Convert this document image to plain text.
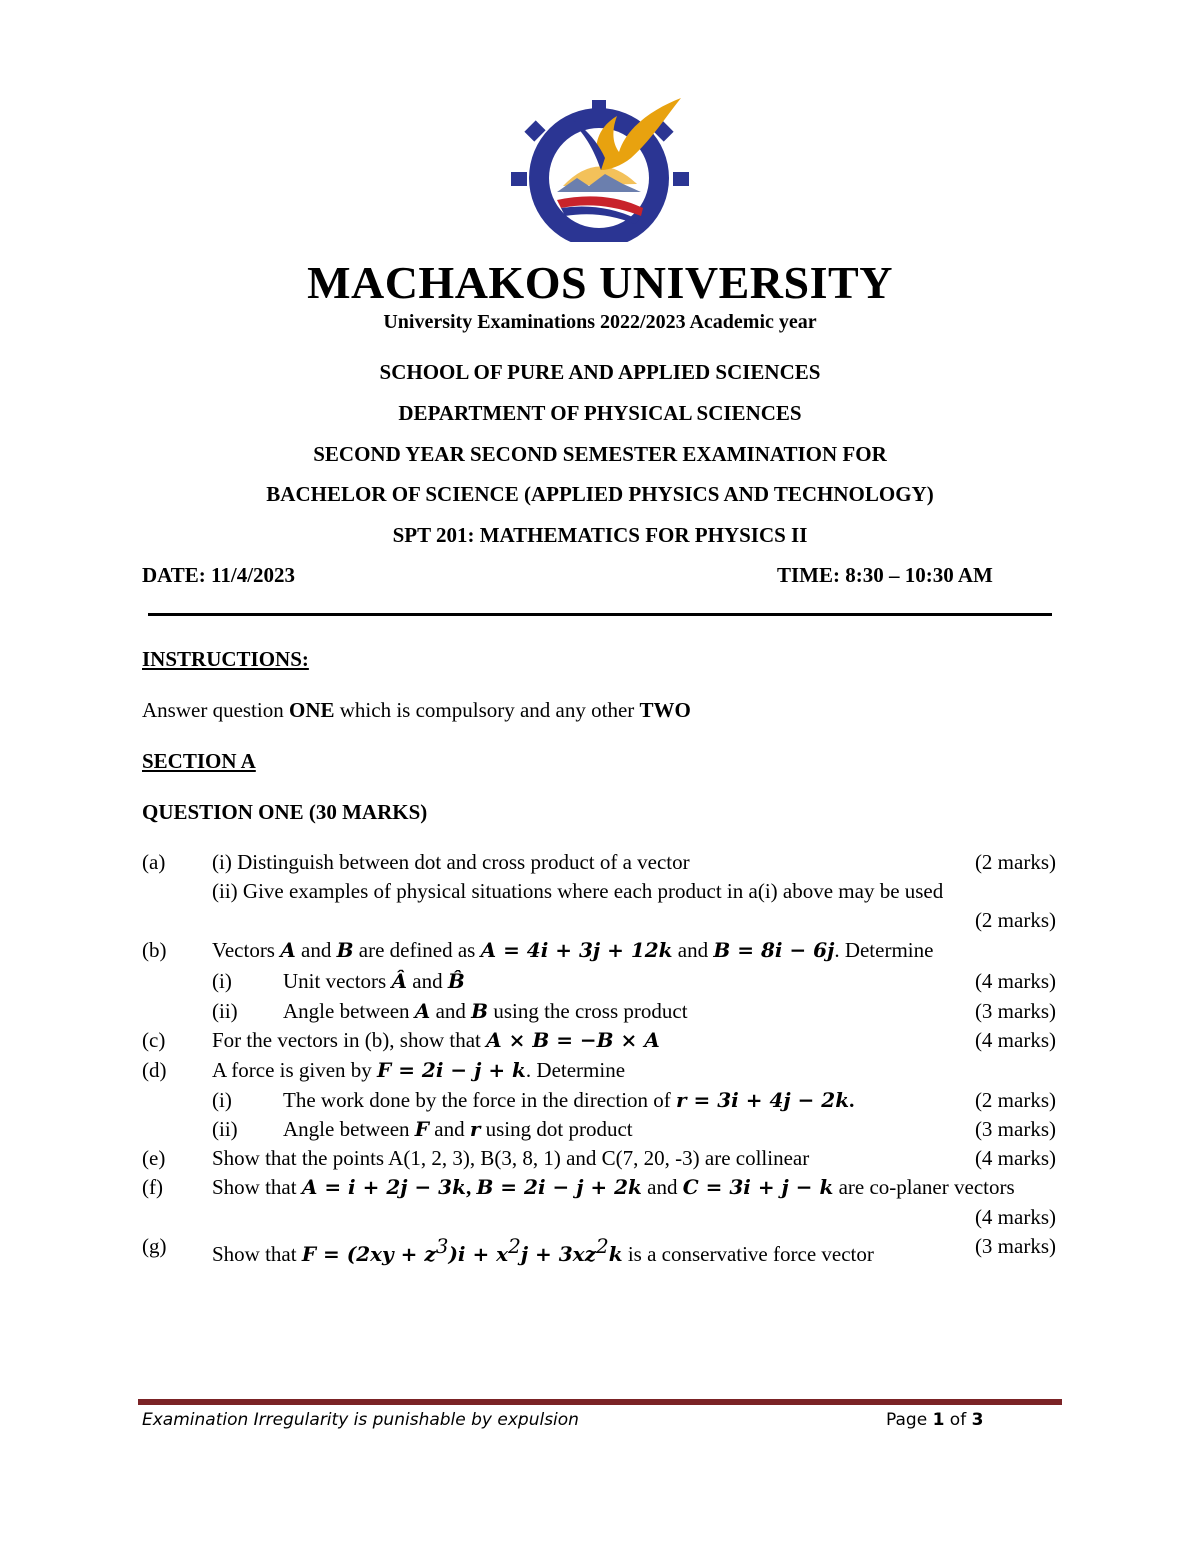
MACHAKOS UNIVERSITY
University Examinations 2022/2023 Academic year
SCHOOL OF PURE AND APPLIED SCIENCES
DEPARTMENT OF PHYSICAL SCIENCES
SECOND YEAR SECOND SEMESTER EXAMINATION FOR
BACHELOR OF SCIENCE (APPLIED PHYSICS AND TECHNOLOGY)
SPT 201: MATHEMATICS FOR PHYSICS II
DATE: 11/4/2023	TIME: 8:30 – 10:30 AM
INSTRUCTIONS:
Answer question ONE which is compulsory and any other TWO
SECTION A
QUESTION ONE (30 MARKS)
(a) (i) Distinguish between dot and cross product of a vector	(2 marks)
(ii) Give examples of physical situations where each product in a(i) above may be used
(2 marks)
(b) Vectors A and B are defined as A = 4i + 3j + 12k and B = 8i − 6j. Determine
(i) Unit vectors Â and B̂	(4 marks)
(ii) Angle between A and B using the cross product	(3 marks)
(c) For the vectors in (b), show that A × B = −B × A	(4 marks)
(d) A force is given by F = 2i − j + k. Determine
(i) The work done by the force in the direction of r = 3i + 4j − 2k.	(2 marks)
(ii) Angle between F and r using dot product	(3 marks)
(e) Show that the points A(1, 2, 3), B(3, 8, 1) and C(7, 20, -3) are collinear	(4 marks)
(f) Show that A = i + 2j − 3k, B = 2i − j + 2k and C = 3i + j − k are co-planer vectors
(4 marks)
(g) Show that $F = (2xy + z^3)i + x^2j + 3xz^2k$ is a conservative force vector	(3 marks)
Examination Irregularity is punishable by expulsion	Page 1 of 3
